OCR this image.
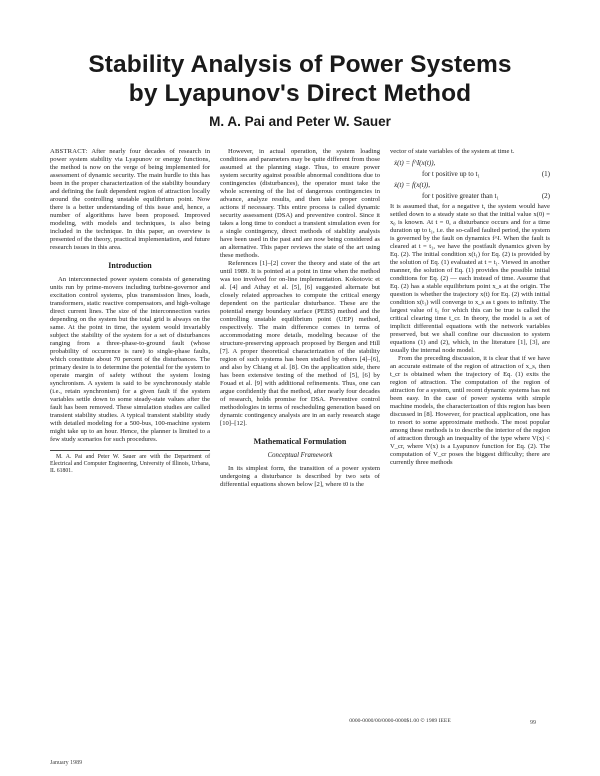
Stability Analysis of Power Systems
by Lyapunov's Direct Method
M. A. Pai and Peter W. Sauer

ABSTRACT: After nearly four decades of research in power system stability via Lyapunov or energy functions, the method is now on the verge of being implemented for assessment of dynamic security. The main hurdle to this has been in the proper characterization of the stability boundary and defining the fault dependent region of attraction locally around the controlling unstable equilibrium point. Now there is a better understanding of this issue and, hence, a number of algorithms have been proposed. Improved modeling, with models and techniques, is also being included in the technique. In this paper, an overview is presented of the theory, practical implementation, and future research issues in this area.

Introduction

An interconnected power system consists of generating units run by prime-movers including turbine-governor and excitation control systems, plus transmission lines, loads, transformers, static reactive compensators, and high-voltage direct current lines. The size of the interconnection varies depending on the system but the total grid is always on the same. At the point in time, the system would invariably subject the stability of the system for a set of disturbances ranging from a three-phase-to-ground fault (whose probability of occurrence is rare) to single-phase faults, which constitute about 70 percent of the disturbances. The primary desire is to determine the potential for the system to operate margin of safety without the system losing synchronism. A system is said to be synchronously stable (i.e., retain synchronism) for a given fault if the system variables settle down to some steady-state values after the fault has been removed. These simulation studies are called transient stability studies. A typical transient stability study with detailed modeling for a 500-bus, 100-machine system might take up to an hour. Hence, the planner is limited to a few study scenarios for such procedures.

M. A. Pai and Peter W. Sauer are with the Department of Electrical and Computer Engineering, University of Illinois, Urbana, IL 61801.

However, in actual operation, the system loading conditions and parameters may be quite different from those assumed at the planning stage. Thus, to ensure power system security against possible abnormal conditions due to contingencies (disturbances), the operator must take the whole screening of the list of dangerous contingencies in advance, analyze results, and then take proper control actions if necessary. This entire process is called dynamic security assessment (DSA) and preventive control. Since it takes a long time to conduct a transient simulation even for a single contingency, direct methods of stability analysis have been used in the past and are now being considered as an alternative. This paper reviews the state of the art using these methods.

References [1]–[2] cover the theory and state of the art until 1989. It is pointed at a point in time when the method was too involved for on-line implementation. Kokotovic et al. [4] and Athay et al. [5], [6] suggested alternate but closely related approaches to compute the critical energy dependent on the particular disturbance. These are the potential energy boundary surface (PEBS) method and the controlling unstable equilibrium point (UEP) method, respectively. The main difference comes in terms of accommodating more details, modeling because of the structure-preserving approach proposed by Bergen and Hill [7]. A proper theoretical characterization of the stability region of such systems has been studied by others [4]–[6], and also by Chiang et al. [8]. On the application side, there has been extensive testing of the method of [5], [6] by Fouad et al. [9] with additional refinements. Thus, one can argue confidently that the method, after nearly four decades of research, holds promise for DSA. Preventive control methodologies in terms of rescheduling generation based on dynamic contingency analysis are in an early research stage [10]–[12].

Mathematical Formulation
Conceptual Framework

In its simplest form, the transition of a power system undergoing a disturbance is described by two sets of differential equations shown below [2], where t0 is the

vector of state variables of the system at time t.

ẋ(t) = f^I(x(t)),
for t positive up to t₁	(1)
ẋ(t) = f(x(t)),
for t positive greater than t₁	(2)

It is assumed that, for a negative t, the system would have settled down to a steady state so that the initial value x(0) = x₀ is known. At t = 0, a disturbance occurs and for a time duration up to t₁, i.e. the so-called faulted period, the system is governed by the fault on dynamics f^I. When the fault is cleared at t = t₁, we have the postfault dynamics given by Eq. (2). The initial condition x(t₁) for Eq. (2) is provided by the solution of Eq. (1) evaluated at t = t₁. Viewed in another manner, the solution of Eq. (1) provides the possible initial conditions for Eq. (2) — each instead of time. Assume that Eq. (2) has a stable equilibrium point x_s at the origin. The question is whether the trajectory x(t) for Eq. (2) with initial condition x(t₁) will converge to x_s as t goes to infinity. The largest value of t₁ for which this can be true is called the critical clearing time t_cr. In theory, the model is a set of implicit differential equations with the network variables preserved, but we shall confine our discussion to system equations (1) and (2), which, in the literature [1], [3], are usually the internal node model.

From the preceding discussion, it is clear that if we have an accurate estimate of the region of attraction of x_s, then t_cr is obtained when the trajectory of Eq. (1) exits the region of attraction. The computation of the region of attraction for a system, until recent dynamic systems has not been easy. In the case of power systems with simple machine models, the characterization of this region has been discussed in [8]. However, for practical application, one has to resort to some approximate methods. The most popular among these methods is to describe the interior of the region of attraction through an inequality of the type where V(x) < V_cr, where V(x) is a Lyapunov function for Eq. (2). The computation of V_cr poses the biggest difficulty; there are currently three methods

0000-0000/00/0000-0000$1.00 © 1989 IEEE
January 1989
99
